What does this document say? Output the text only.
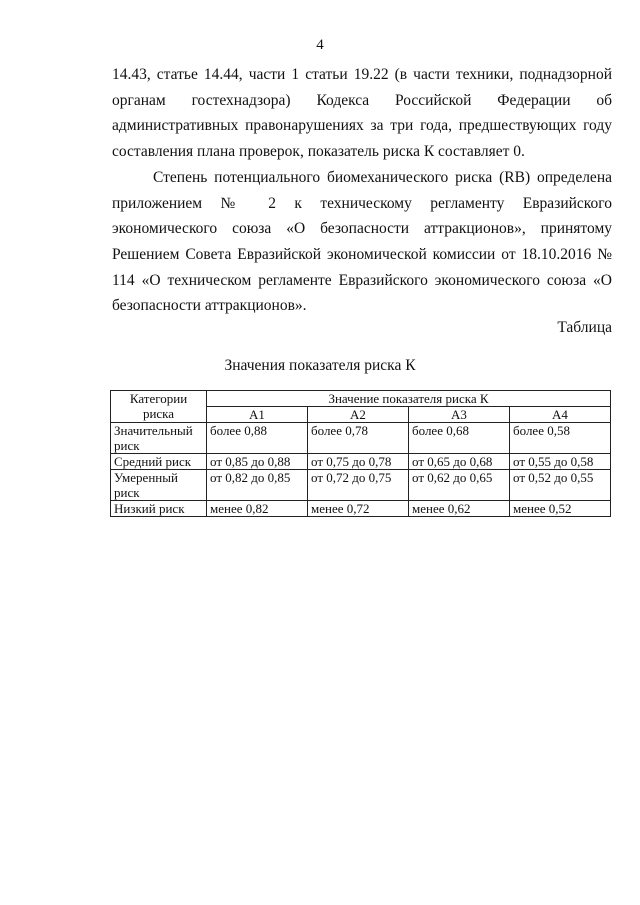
4

14.43, статье 14.44, части 1 статьи 19.22 (в части техники, поднадзорной органам гостехнадзора) Кодекса Российской Федерации об административных правонарушениях за три года, предшествующих году составления плана проверок, показатель риска К составляет 0.

Степень потенциального биомеханического риска (RB) определена приложением № 2 к техническому регламенту Евразийского экономического союза «О безопасности аттракционов», принятому Решением Совета Евразийской экономической комиссии от 18.10.2016 № 114 «О техническом регламенте Евразийского экономического союза «О безопасности аттракционов».

Таблица
Значения показателя риска К
Категории риска	Значение показателя риска К			
	А1	А2	А3	А4
Значительный риск	более 0,88	более 0,78	более 0,68	более 0,58
Средний риск	от 0,85 до 0,88	от 0,75 до 0,78	от 0,65 до 0,68	от 0,55 до 0,58
Умеренный риск	от 0,82 до 0,85	от 0,72 до 0,75	от 0,62 до 0,65	от 0,52 до 0,55
Низкий риск	менее 0,82	менее 0,72	менее 0,62	менее 0,52
